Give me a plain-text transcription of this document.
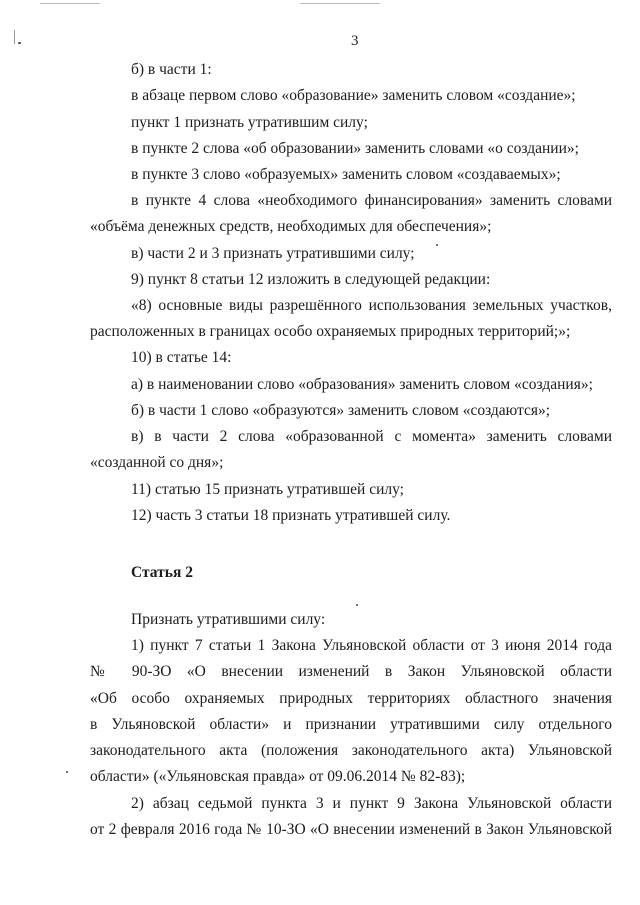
3
б) в части 1:
в абзаце первом слово «образование» заменить словом «создание»;
пункт 1 признать утратившим силу;
в пункте 2 слова «об образовании» заменить словами «о создании»;
в пункте 3 слово «образуемых» заменить словом «создаваемых»;
в пункте 4 слова «необходимого финансирования» заменить словами
«объёма денежных средств, необходимых для обеспечения»;
в) части 2 и 3 признать утратившими силу;
9) пункт 8 статьи 12 изложить в следующей редакции:
«8) основные виды разрешённого использования земельных участков,
расположенных в границах особо охраняемых природных территорий;»;
10) в статье 14:
а) в наименовании слово «образования» заменить словом «создания»;
б) в части 1 слово «образуются» заменить словом «создаются»;
в) в части 2 слова «образованной с момента» заменить словами
«созданной со дня»;
11) статью 15 признать утратившей силу;
12) часть 3 статьи 18 признать утратившей силу.
Статья 2
Признать утратившими силу:
1) пункт 7 статьи 1 Закона Ульяновской области от 3 июня 2014 года
№ 90-ЗО «О внесении изменений в Закон Ульяновской области
«Об особо охраняемых природных территориях областного значения
в Ульяновской области» и признании утратившими силу отдельного
законодательного акта (положения законодательного акта) Ульяновской
области» («Ульяновская правда» от 09.06.2014 № 82-83);
2) абзац седьмой пункта 3 и пункт 9 Закона Ульяновской области
от 2 февраля 2016 года № 10-ЗО «О внесении изменений в Закон Ульяновской
